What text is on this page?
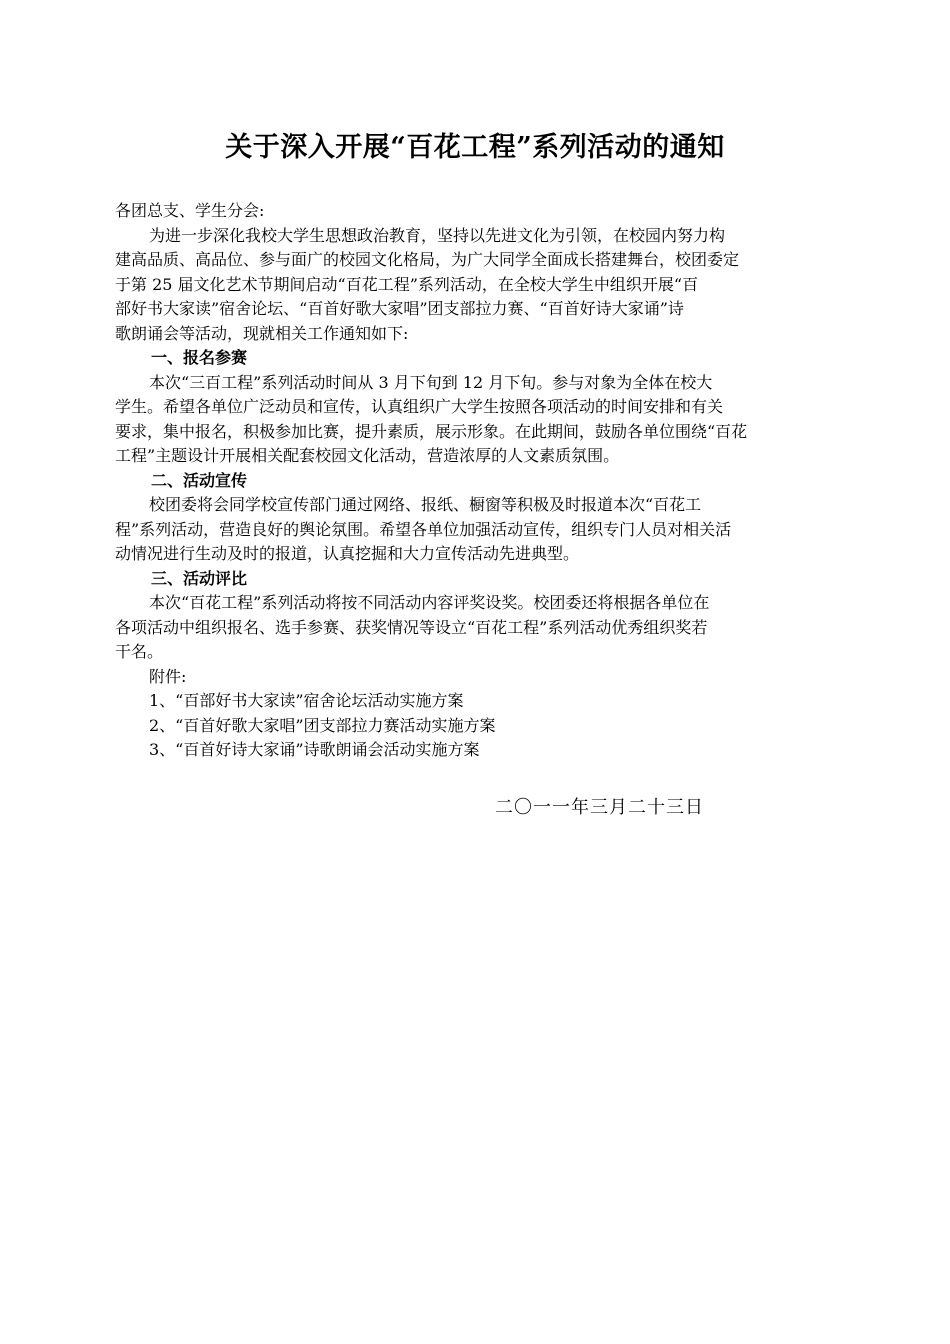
关于深入开展“百花工程”系列活动的通知
各团总支、学生分会:
为进一步深化我校大学生思想政治教育，坚持以先进文化为引领，在校园内努力构
建高品质、高品位、参与面广的校园文化格局，为广大同学全面成长搭建舞台，校团委定
于第 25 届文化艺术节期间启动“百花工程”系列活动，在全校大学生中组织开展“百
部好书大家读”宿舍论坛、“百首好歌大家唱”团支部拉力赛、“百首好诗大家诵”诗
歌朗诵会等活动，现就相关工作通知如下:
一、报名参赛
本次“三百工程”系列活动时间从 3 月下旬到 12 月下旬。参与对象为全体在校大
学生。希望各单位广泛动员和宣传，认真组织广大学生按照各项活动的时间安排和有关
要求，集中报名，积极参加比赛，提升素质，展示形象。在此期间，鼓励各单位围绕“百花
工程”主题设计开展相关配套校园文化活动，营造浓厚的人文素质氛围。
二、活动宣传
校团委将会同学校宣传部门通过网络、报纸、橱窗等积极及时报道本次“百花工
程”系列活动，营造良好的舆论氛围。希望各单位加强活动宣传，组织专门人员对相关活
动情况进行生动及时的报道，认真挖掘和大力宣传活动先进典型。
三、活动评比
本次“百花工程”系列活动将按不同活动内容评奖设奖。校团委还将根据各单位在
各项活动中组织报名、选手参赛、获奖情况等设立“百花工程”系列活动优秀组织奖若
干名。
附件:
1、“百部好书大家读”宿舍论坛活动实施方案
2、“百首好歌大家唱”团支部拉力赛活动实施方案
3、“百首好诗大家诵”诗歌朗诵会活动实施方案
二〇一一年三月二十三日
